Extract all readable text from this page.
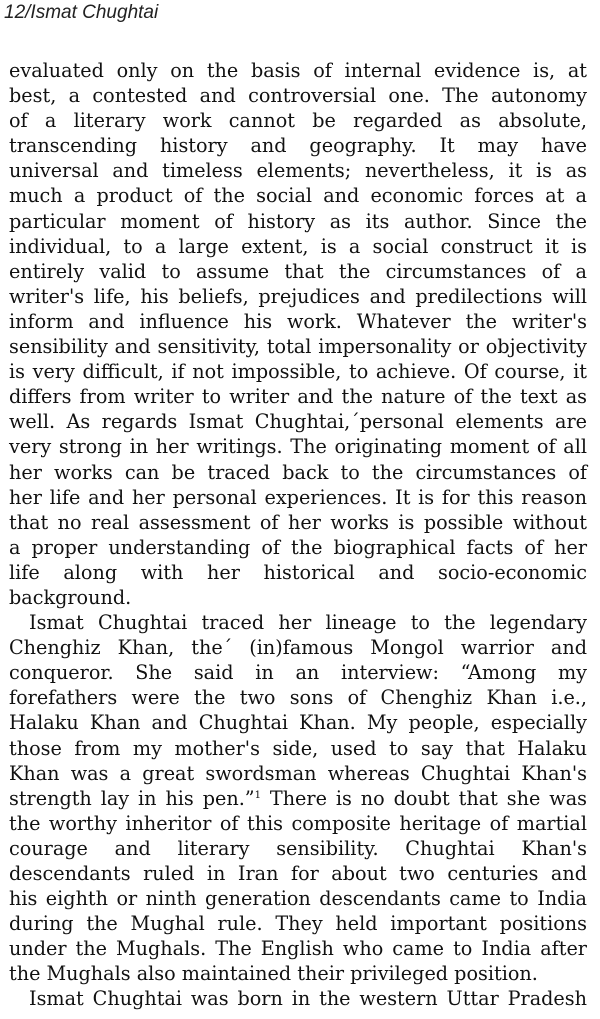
12/Ismat Chughtai
evaluated only on the basis of internal evidence is, at
best, a contested and controversial one. The autonomy
of a literary work cannot be regarded as absolute,
transcending history and geography. It may have
universal and timeless elements; nevertheless, it is as
much a product of the social and economic forces at a
particular moment of history as its author. Since the
individual, to a large extent, is a social construct it is
entirely valid to assume that the circumstances of a
writer's life, his beliefs, prejudices and predilections will
inform and influence his work. Whatever the writer's
sensibility and sensitivity, total impersonality or objectivity
is very difficult, if not impossible, to achieve. Of course, it
differs from writer to writer and the nature of the text as
well. As regards Ismat Chughtai,´personal elements are
very strong in her writings. The originating moment of all
her works can be traced back to the circumstances of
her life and her personal experiences. It is for this reason
that no real assessment of her works is possible without
a proper understanding of the biographical facts of her
life along with her historical and socio-economic
background.
Ismat Chughtai traced her lineage to the legendary
Chenghiz Khan, the´ (in)famous Mongol warrior and
conqueror. She said in an interview: “Among my
forefathers were the two sons of Chenghiz Khan i.e.,
Halaku Khan and Chughtai Khan. My people, especially
those from my mother's side, used to say that Halaku
Khan was a great swordsman whereas Chughtai Khan's
strength lay in his pen.”$^1$ There is no doubt that she was
the worthy inheritor of this composite heritage of martial
courage and literary sensibility. Chughtai Khan's
descendants ruled in Iran for about two centuries and
his eighth or ninth generation descendants came to India
during the Mughal rule. They held important positions
under the Mughals. The English who came to India after
the Mughals also maintained their privileged position.
Ismat Chughtai was born in the western Uttar Pradesh
